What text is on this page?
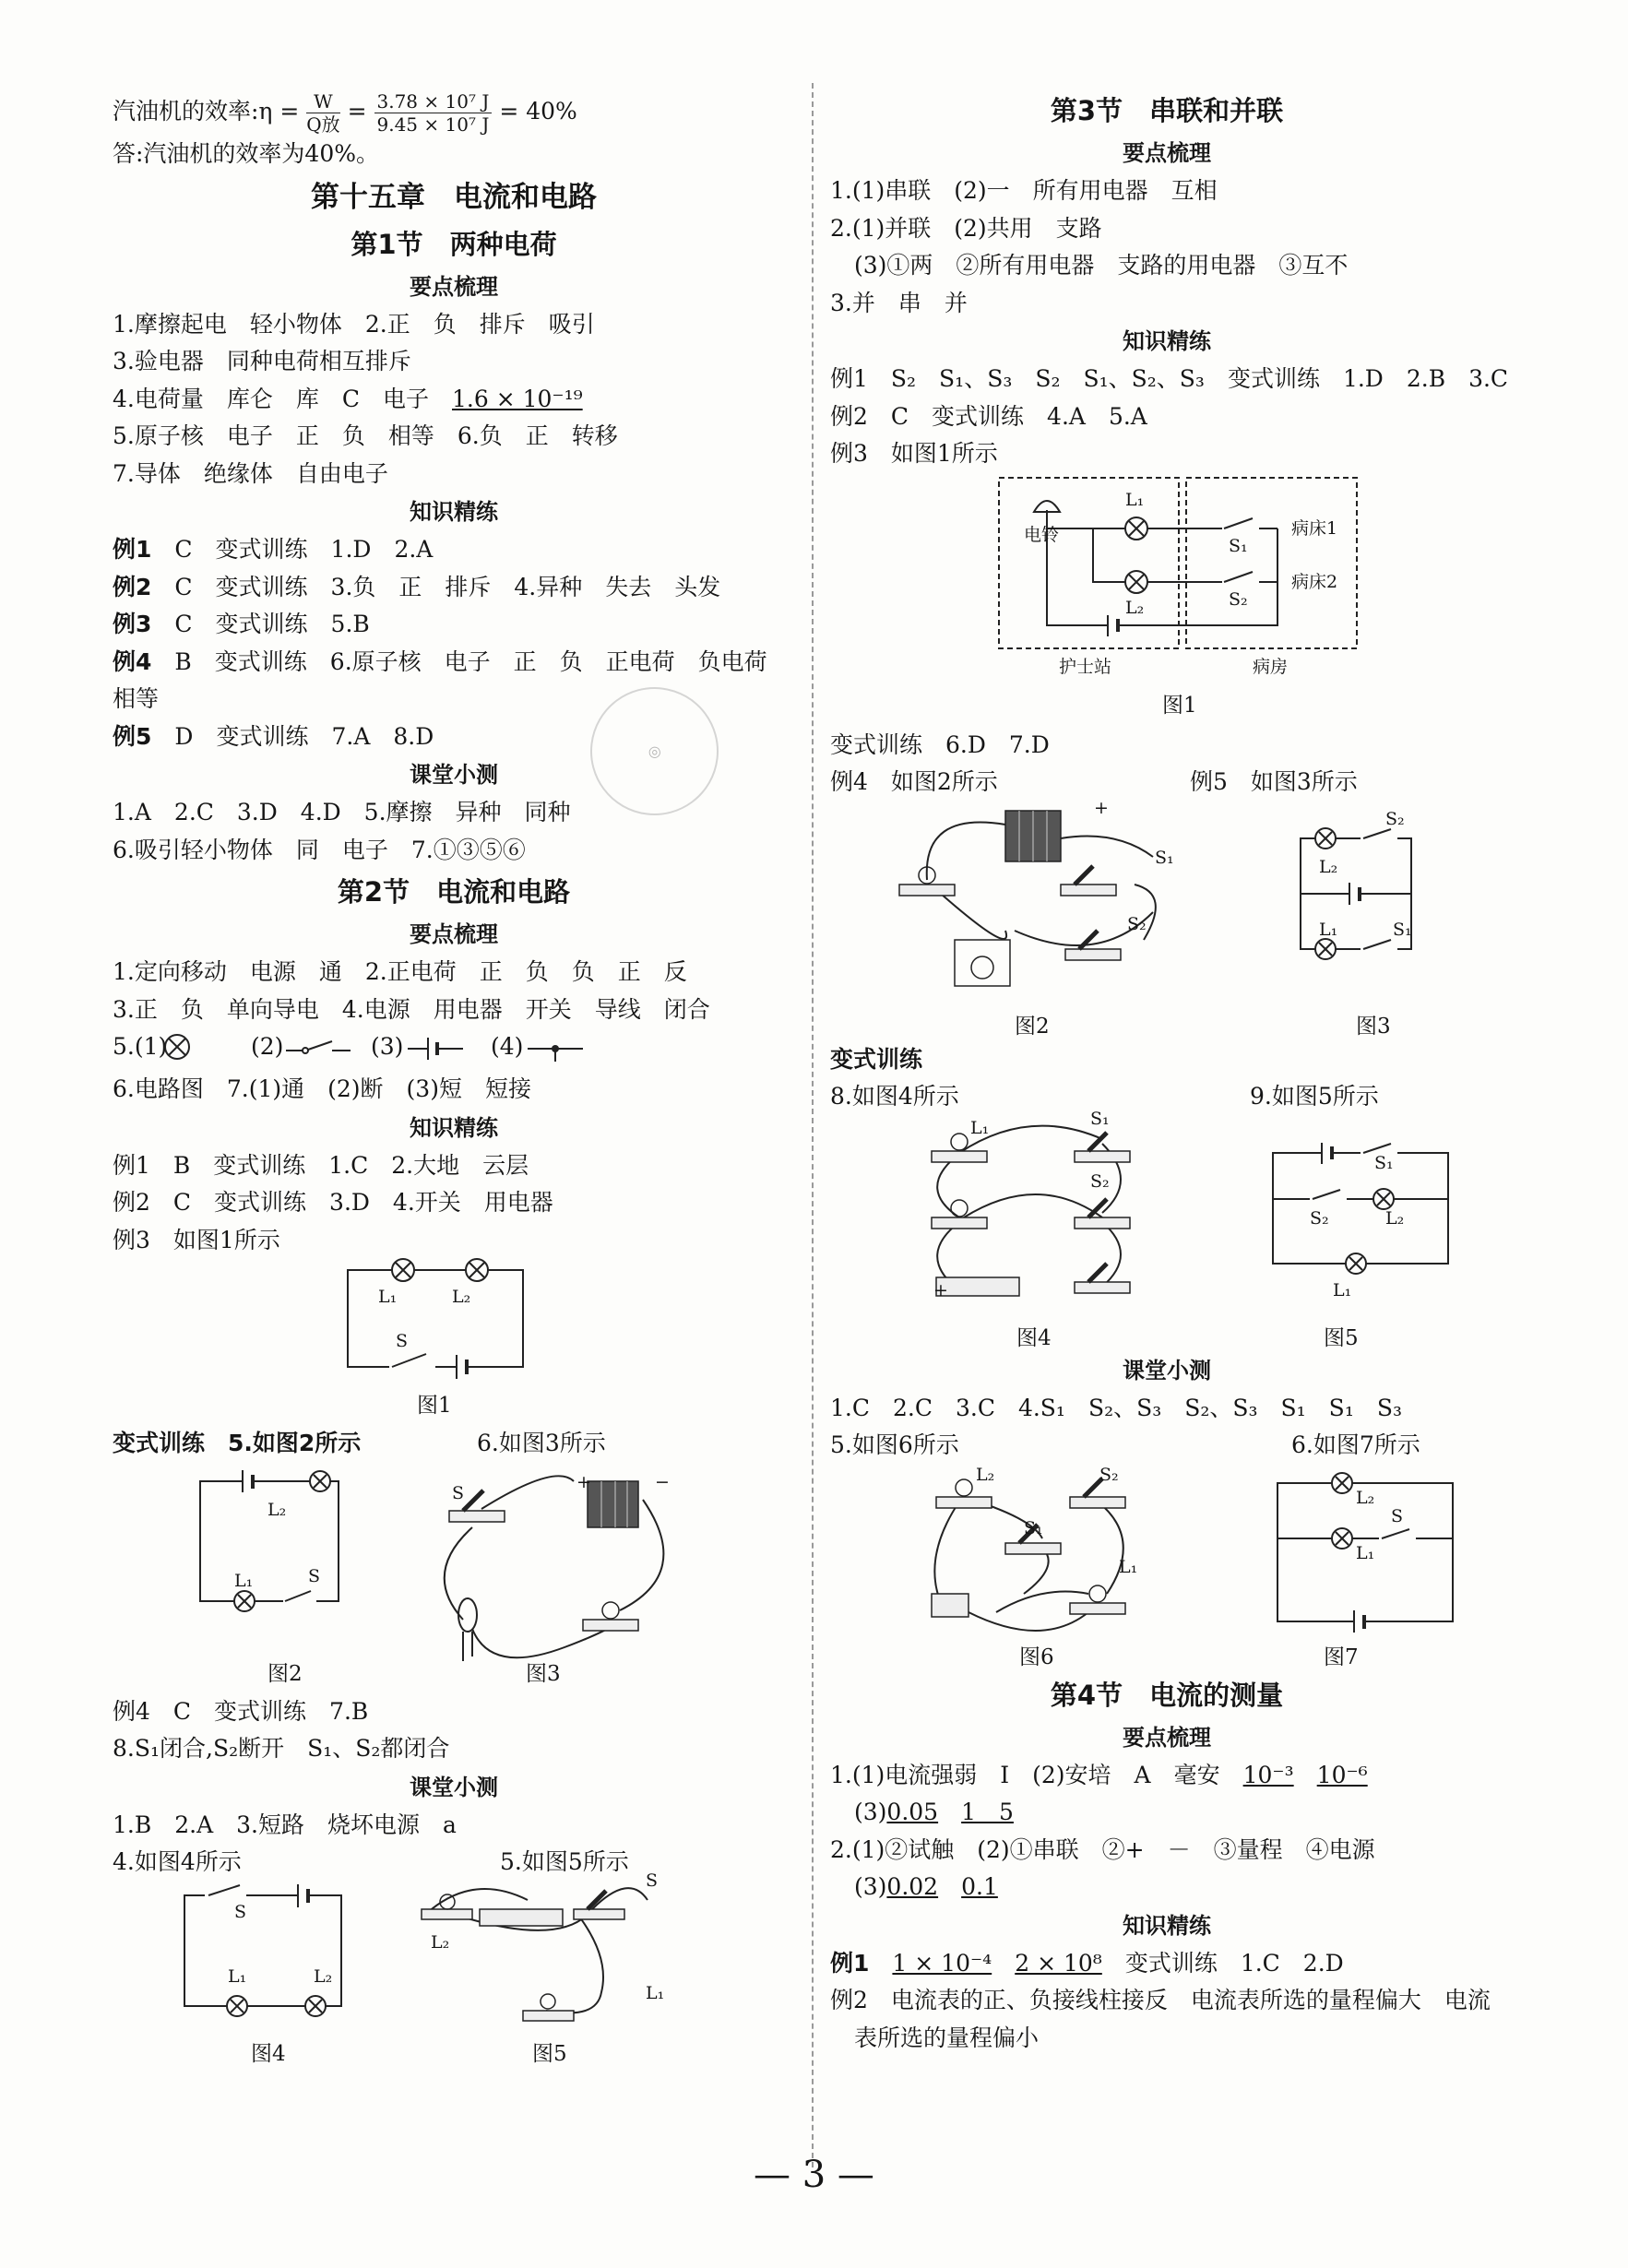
汽油机的效率:η = $\frac{W}{\text{Q放}} = \frac{\text{3.78 × 10⁷ J}}{\text{9.45 × 10⁷ J}} = 40\%$
答:汽油机的效率为40%。
第十五章　电流和电路
第1节　两种电荷
要点梳理
1.摩擦起电　轻小物体　2.正　负　排斥　吸引
3.验电器　同种电荷相互排斥
4.电荷量　库仑　库　C　电子　 1.6 × 10⁻¹⁹
5.原子核　电子　正　负　相等　6.负　正　转移
7.导体　绝缘体　自由电子
知识精练
例1　 C　变式训练　1.D　2.A
例2　 C　变式训练　3.负　正　排斥　4.异种　失去　头发
例3　 C　变式训练　5.B
例4　 B　变式训练　6.原子核　电子　正　负　正电荷　负电荷
相等
例5　 D　变式训练　7.A　8.D
课堂小测
1.A　2.C　3.D　4.D　5.摩擦　异种　同种
6.吸引轻小物体　同　电子　7.①③⑤⑥
第2节　电流和电路
要点梳理
1.定向移动　电源　通　2.正电荷　正　负　负　正　反
3.正　负　单向导电　4.电源　用电器　开关　导线　闭合
5.(1)	(2)	(3)	(4)
6.电路图　7.(1)通　(2)断　(3)短　短接
知识精练
例1　B　变式训练　1.C　2.大地　云层
例2　C　变式训练　3.D　4.开关　用电器
例3　如图1所示
L₁	L₂
S
图1
变式训练　5.如图2所示	6.如图3所示
L₂
L₁	S
S
+	−
图2	图3
例4　C　变式训练　7.B
8.S₁闭合,S₂断开　S₁、S₂都闭合
课堂小测
1.B　2.A　3.短路　烧坏电源　a
4.如图4所示	5.如图5所示
S
L₁	L₂
L₂
S
L₁
图4	图5
◎
第3节　串联和并联
要点梳理
1.(1)串联　(2)一　所有用电器　互相
2.(1)并联　(2)共用　支路
(3)①两　②所有用电器　支路的用电器　③互不
3.并　串　并
知识精练
例1　S₂　S₁、S₃　S₂　S₁、S₂、S₃　变式训练　1.D　2.B　3.C
例2　C　变式训练　4.A　5.A
例3　如图1所示
电铃
L₁
L₂
S₁
S₂
病床1
病床2
护士站	病房
图1
变式训练　6.D　7.D
例4　如图2所示	例5　如图3所示
+
S₁
S₂
S₂
L₂
L₁	S₁
图2	图3
变式训练
8.如图4所示	9.如图5所示
L₁	S₁
S₂
+
S₁
S₂	L₂
L₁
图4	图5
课堂小测
1.C　2.C　3.C　4.S₁　S₂、S₃　S₂、S₃　S₁　S₁　S₃
5.如图6所示	6.如图7所示
L₂	S₂
S₁
L₁
L₂
L₁
S
图6	图7
第4节　电流的测量
要点梳理
1.(1)电流强弱　I　(2)安培　A　毫安　 10⁻³　 10⁻⁶
(3)0.05　 1　5
2.(1)②试触　(2)①串联　②+　－　③量程　④电源
(3)0.02　 0.1
知识精练
例1　 1 × 10⁻⁴　 2 × 10⁸　 变式训练　1.C　2.D
例2　电流表的正、负接线柱接反　电流表所选的量程偏大　电流
表所选的量程偏小
— 3 —
